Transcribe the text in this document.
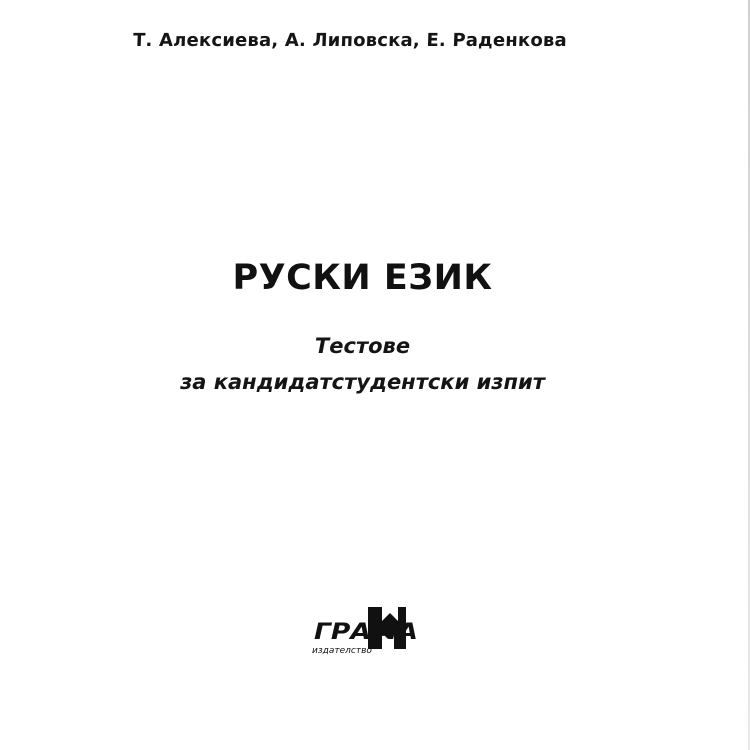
Т. Алексиева, А. Липовска, Е. Раденкова
РУСКИ ЕЗИК
Тестове
за кандидатстудентски изпит
ГРАМА
издателство
